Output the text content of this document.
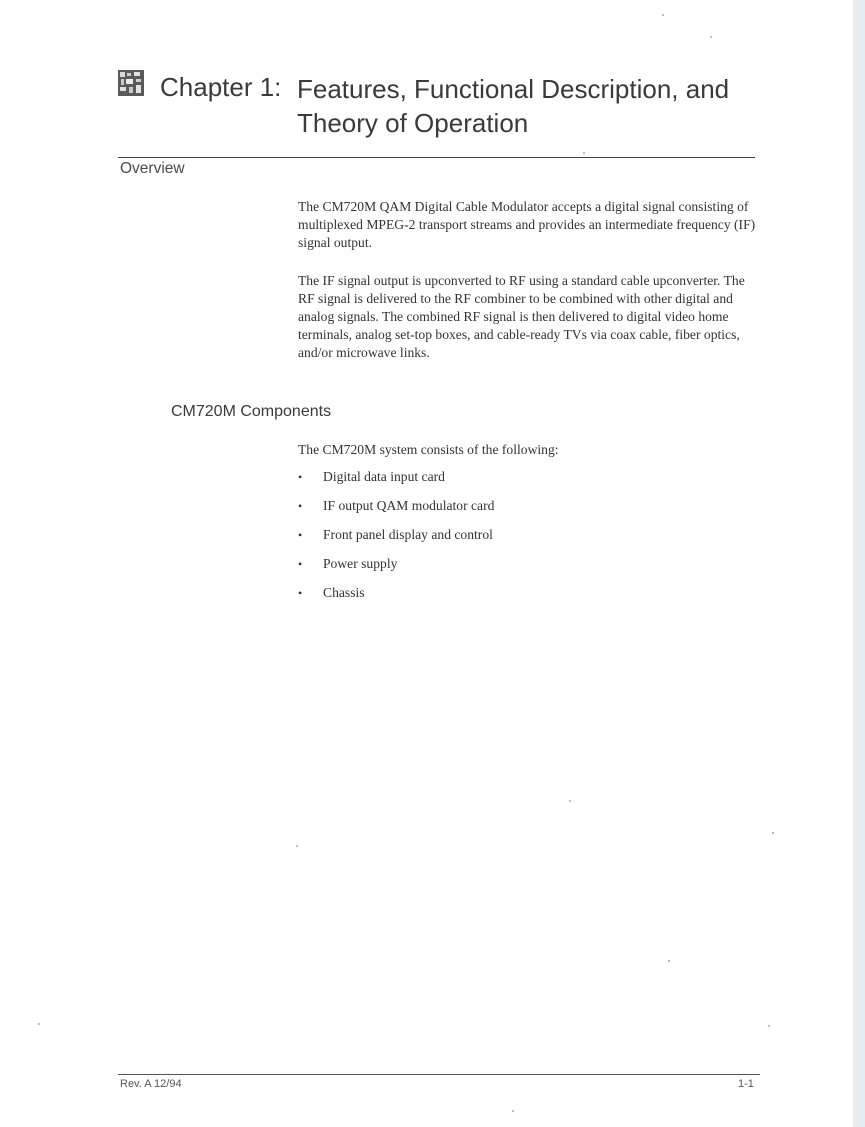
Chapter 1: Features, Functional Description, and Theory of Operation
Overview

The CM720M QAM Digital Cable Modulator accepts a digital signal consisting of multiplexed MPEG-2 transport streams and provides an intermediate frequency (IF) signal output.

The IF signal output is upconverted to RF using a standard cable upconverter. The RF signal is delivered to the RF combiner to be combined with other digital and analog signals. The combined RF signal is then delivered to digital video home terminals, analog set-top boxes, and cable-ready TVs via coax cable, fiber optics, and/or microwave links.

CM720M Components

The CM720M system consists of the following:

•	Digital data input card
•	IF output QAM modulator card
•	Front panel display and control
•	Power supply
•	Chassis
Rev. A 12/94	1-1
